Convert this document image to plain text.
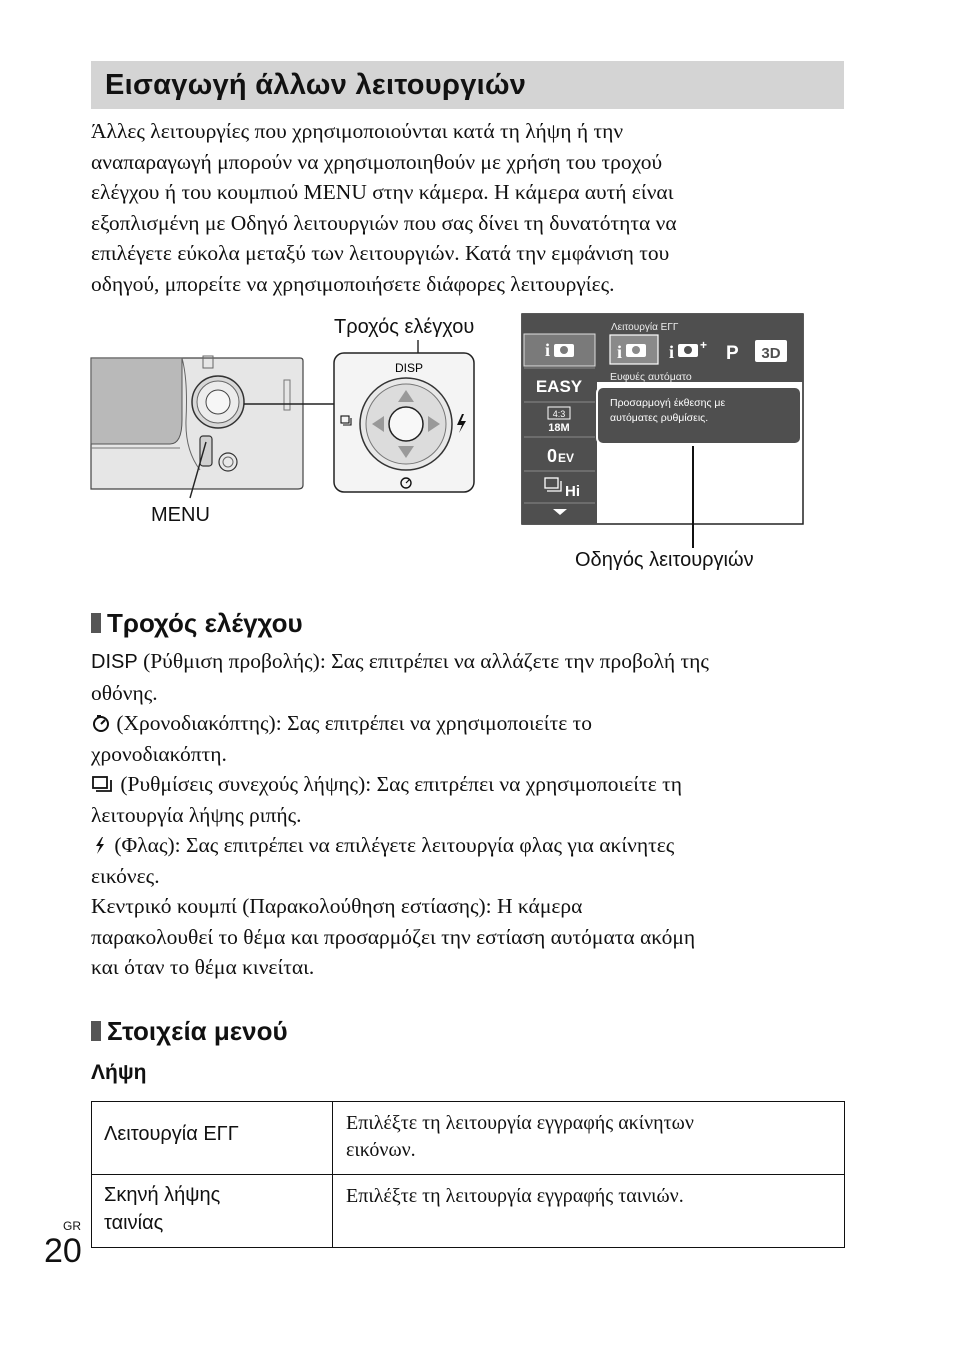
Εισαγωγή άλλων λειτουργιών
Άλλες λειτουργίες που χρησιμοποιούνται κατά τη λήψη ή την
αναπαραγωγή μπορούν να χρησιμοποιηθούν με χρήση του τροχού
ελέγχου ή του κουμπιού MENU στην κάμερα. Η κάμερα αυτή είναι
εξοπλισμένη με Οδηγό λειτουργιών που σας δίνει τη δυνατότητα να
επιλέγετε εύκολα μεταξύ των λειτουργιών. Κατά την εμφάνιση του
οδηγού, μπορείτε να χρησιμοποιήσετε διάφορες λειτουργίες.
Τροχός ελέγχου
MENU
Οδηγός λειτουργιών
DISP
i
EASY
4:3
18M
0 EV
Hi
Λειτουργία ΕΓΓ
i	i + P 3D
Ευφυές αυτόματο
Προσαρμογή έκθεσης με
αυτόματες ρυθμίσεις.
Τροχός ελέγχου

DISP (Ρύθμιση προβολής): Σας επιτρέπει να αλλάζετε την προβολή της

οθόνης.

(Χρονοδιακόπτης): Σας επιτρέπει να χρησιμοποιείτε το

χρονοδιακόπτη.

(Ρυθμίσεις συνεχούς λήψης): Σας επιτρέπει να χρησιμοποιείτε τη

λειτουργία λήψης ριπής.

(Φλας): Σας επιτρέπει να επιλέγετε λειτουργία φλας για ακίνητες

εικόνες.

Κεντρικό κουμπί (Παρακολούθηση εστίασης): Η κάμερα

παρακολουθεί το θέμα και προσαρμόζει την εστίαση αυτόματα ακόμη

και όταν το θέμα κινείται.

Στοιχεία μενού
Λήψη
Λειτουργία ΕΓΓ	Επιλέξτε τη λειτουργία εγγραφής ακίνητων
εικόνων.

Σκηνή λήψης
ταινίας	Επιλέξτε τη λειτουργία εγγραφής ταινιών.
GR
20
